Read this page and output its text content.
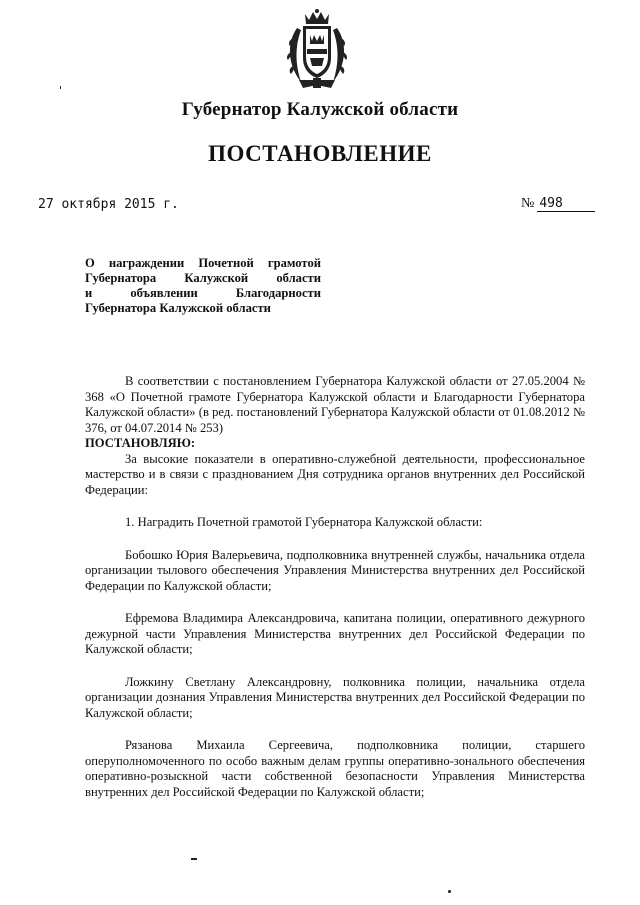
Губернатор Калужской области
ПОСТАНОВЛЕНИЕ
27 октября 2015 г.	№ 498
О награждении Почетной грамотой
Губернатора Калужской области
и объявлении Благодарности
Губернатора Калужской области

В соответствии с постановлением Губернатора Калужской области от 27.05.2004 № 368 «О Почетной грамоте Губернатора Калужской области и Благодарности Губернатора Калужской области» (в ред. постановлений Губернатора Калужской области от 01.08.2012 № 376, от 04.07.2014 № 253)

ПОСТАНОВЛЯЮ:

За высокие показатели в оперативно-служебной деятельности, профессиональное мастерство и в связи с празднованием Дня сотрудника органов внутренних дел Российской Федерации:

1. Наградить Почетной грамотой Губернатора Калужской области:

Бобошко Юрия Валерьевича, подполковника внутренней службы, начальника отдела организации тылового обеспечения Управления Министерства внутренних дел Российской Федерации по Калужской области;

Ефремова Владимира Александровича, капитана полиции, оперативного дежурного дежурной части Управления Министерства внутренних дел Российской Федерации по Калужской области;

Ложкину Светлану Александровну, полковника полиции, начальника отдела организации дознания Управления Министерства внутренних дел Российской Федерации по Калужской области;

Рязанова Михаила Сергеевича, подполковника полиции, старшего оперуполномоченного по особо важным делам группы оперативно-зонального обеспечения оперативно-розыскной части собственной безопасности Управления Министерства внутренних дел Российской Федерации по Калужской области;
